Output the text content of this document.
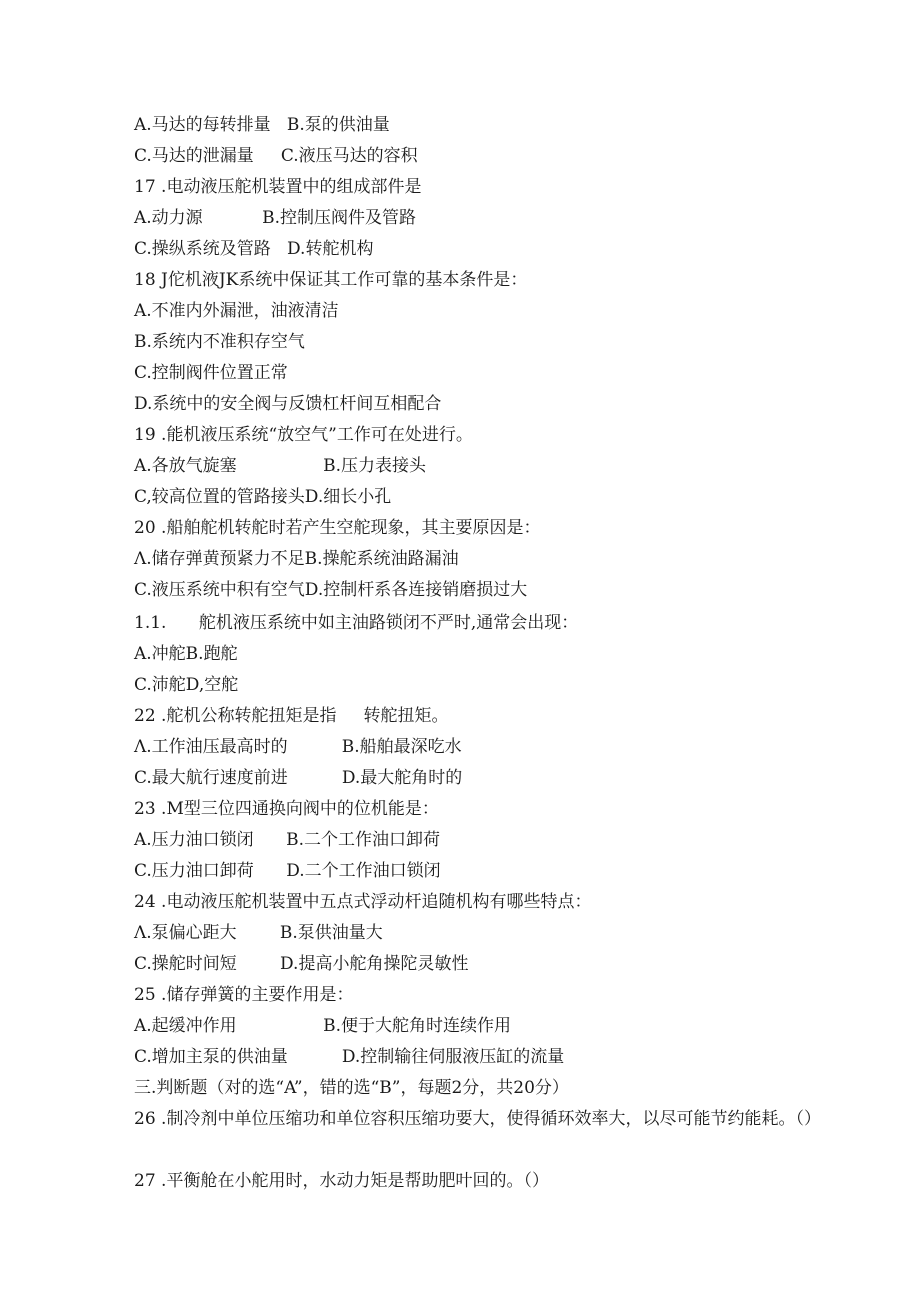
A.马达的每转排量   B.泵的供油量
C.马达的泄漏量     C.液压马达的容积
17 .电动液压舵机装置中的组成部件是
A.动力源           B.控制压阀件及管路
C.操纵系统及管路   D.转舵机构
18 J佗机液JK系统中保证其工作可靠的基本条件是：
A.不准内外漏泄，油液清洁
B.系统内不准积存空气
C.控制阀件位置正常
D.系统中的安全阀与反馈杠杆间互相配合
19 .能机液压系统“放空气”工作可在处进行。
A.各放气旋塞                B.压力表接头
C,较高位置的管路接头D.细长小孔
20 .船舶舵机转舵时若产生空舵现象，其主要原因是：
Λ.储存弹黄预紧力不足B.操舵系统油路漏油
C.液压系统中积有空气D.控制杆系各连接销磨损过大
1.1.      舵机液压系统中如主油路锁闭不严时,通常会出现：
A.冲舵B.跑舵
C.沛舵D,空舵
22 .舵机公称转舵扭矩是指     转舵扭矩。
Λ.工作油压最高时的          B.船舶最深吃水
C.最大航行速度前进          D.最大舵角时的
23 .M型三位四通换向阀中的位机能是：
A.压力油口锁闭      B.二个工作油口卸荷
C.压力油口卸荷      D.二个工作油口锁闭
24 .电动液压舵机装置中五点式浮动杆追随机构有哪些特点：
Λ.泵偏心距大        B.泵供油量大
C.操舵时间短        D.提高小舵角操陀灵敏性
25 .储存弹簧的主要作用是：
A.起缓冲作用                B.便于大舵角时连续作用
C.增加主泵的供油量          D.控制输往伺服液压缸的流量
三.判断题（对的选“A”，错的选“B”，每题2分，共20分）
26 .制冷剂中单位压缩功和单位容积压缩功要大，使得循环效率大，以尽可能节约能耗。（）
27 .平衡舱在小舵用时，水动力矩是帮助肥叶回的。（）
